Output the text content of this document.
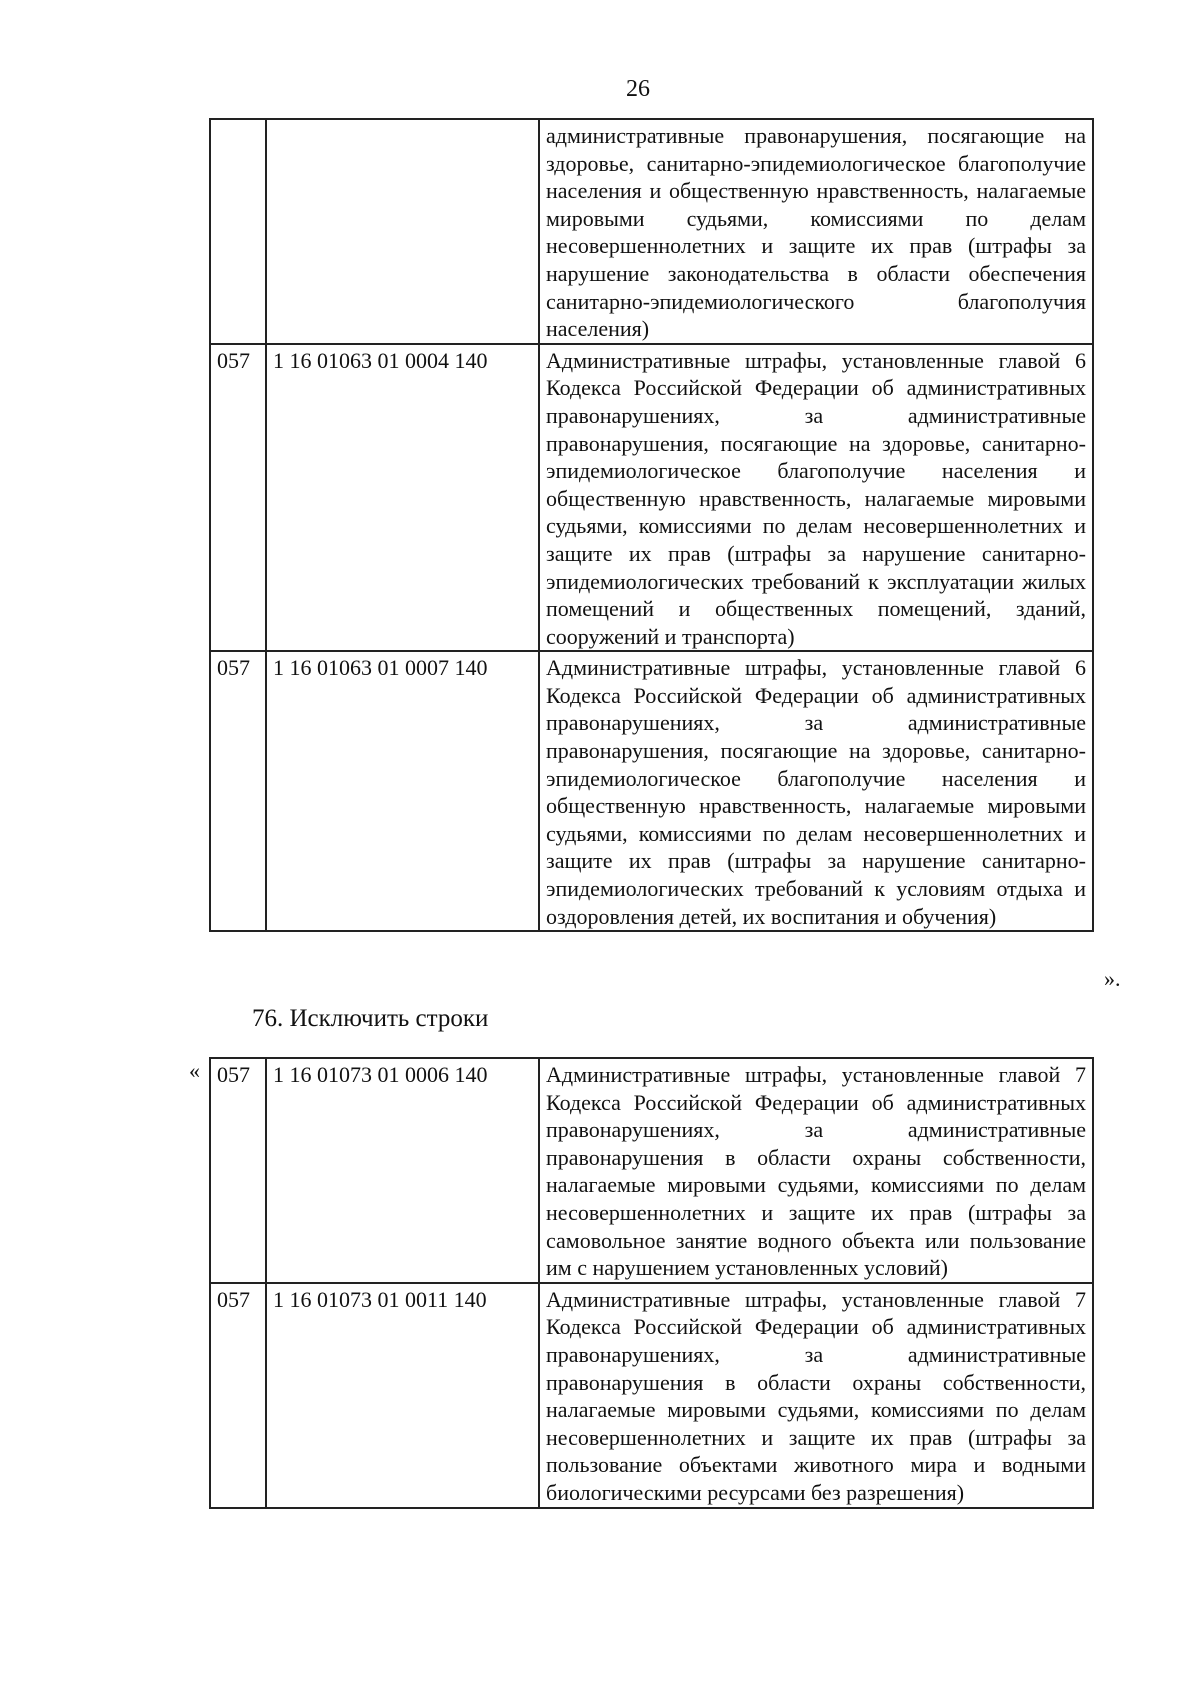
26
		административные правонарушения, посягающие на здоровье, санитарно-эпидемиологическое благополучие населения и общественную нравственность, налагаемые мировыми судьями, комиссиями по делам несовершеннолетних и защите их прав (штрафы за нарушение законодательства в области обеспечения санитарно-эпидемиологического благополучия населения)
057	1 16 01063 01 0004 140	Административные штрафы, установленные главой 6 Кодекса Российской Федерации об административных правонарушениях, за административные правонарушения, посягающие на здоровье, санитарно-эпидемиологическое благополучие населения и общественную нравственность, налагаемые мировыми судьями, комиссиями по делам несовершеннолетних и защите их прав (штрафы за нарушение санитарно-эпидемиологических требований к эксплуатации жилых помещений и общественных помещений, зданий, сооружений и транспорта)
057	1 16 01063 01 0007 140	Административные штрафы, установленные главой 6 Кодекса Российской Федерации об административных правонарушениях, за административные правонарушения, посягающие на здоровье, санитарно-эпидемиологическое благополучие населения и общественную нравственность, налагаемые мировыми судьями, комиссиями по делам несовершеннолетних и защите их прав (штрафы за нарушение санитарно-эпидемиологических требований к условиям отдыха и оздоровления детей, их воспитания и обучения)
».
76. Исключить строки
« 057	1 16 01073 01 0006 140	Административные штрафы, установленные главой 7 Кодекса Российской Федерации об административных правонарушениях, за административные правонарушения в области охраны собственности, налагаемые мировыми судьями, комиссиями по делам несовершеннолетних и защите их прав (штрафы за самовольное занятие водного объекта или пользование им с нарушением установленных условий)
057	1 16 01073 01 0011 140	Административные штрафы, установленные главой 7 Кодекса Российской Федерации об административных правонарушениях, за административные правонарушения в области охраны собственности, налагаемые мировыми судьями, комиссиями по делам несовершеннолетних и защите их прав (штрафы за пользование объектами животного мира и водными биологическими ресурсами без разрешения)
